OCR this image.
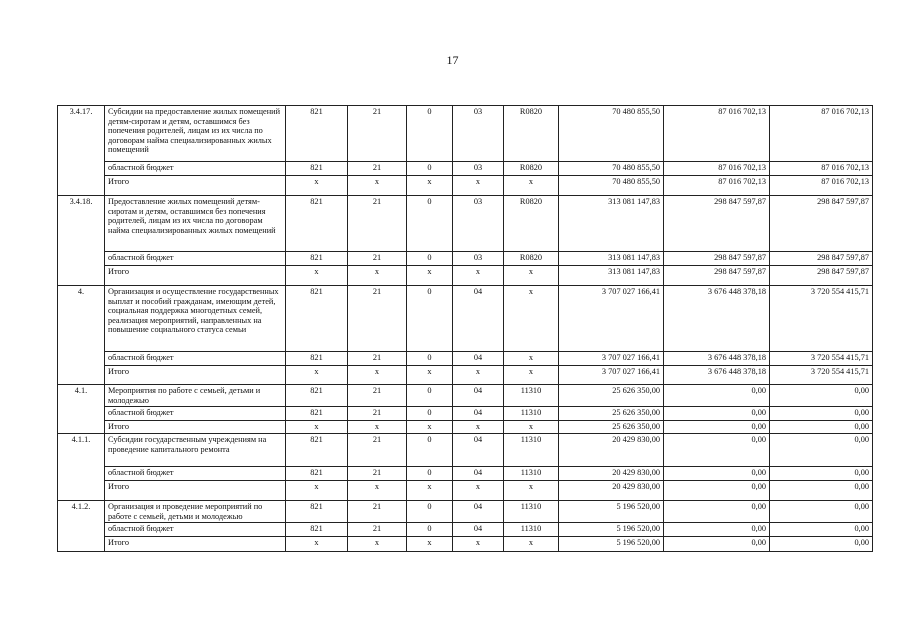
17
3.4.17.	Субсидии на предоставление жилых помещений детям-сиротам и детям, оставшимся без попечения родителей, лицам из их числа по договорам найма специализированных жилых помещений	821	21	0	03	R0820	70 480 855,50	87 016 702,13	87 016 702,13
	областной бюджет	821	21	0	03	R0820	70 480 855,50	87 016 702,13	87 016 702,13
	Итого	x	x	x	x	x	70 480 855,50	87 016 702,13	87 016 702,13
3.4.18.	Предоставление жилых помещений детям-сиротам и детям, оставшимся без попечения родителей, лицам из их числа по договорам найма специализированных жилых помещений	821	21	0	03	R0820	313 081 147,83	298 847 597,87	298 847 597,87
	областной бюджет	821	21	0	03	R0820	313 081 147,83	298 847 597,87	298 847 597,87
	Итого	x	x	x	x	x	313 081 147,83	298 847 597,87	298 847 597,87
4.	Организация и осуществление государственных выплат и пособий гражданам, имеющим детей, социальная поддержка многодетных семей, реализация мероприятий, направленных на повышение социального статуса семьи	821	21	0	04	x	3 707 027 166,41	3 676 448 378,18	3 720 554 415,71
	областной бюджет	821	21	0	04	x	3 707 027 166,41	3 676 448 378,18	3 720 554 415,71
	Итого	x	x	x	x	x	3 707 027 166,41	3 676 448 378,18	3 720 554 415,71
4.1.	Мероприятия по работе с семьей, детьми и молодежью	821	21	0	04	11310	25 626 350,00	0,00	0,00
	областной бюджет	821	21	0	04	11310	25 626 350,00	0,00	0,00
	Итого	x	x	x	x	x	25 626 350,00	0,00	0,00
4.1.1.	Субсидии государственным учреждениям на проведение капитального ремонта	821	21	0	04	11310	20 429 830,00	0,00	0,00
	областной бюджет	821	21	0	04	11310	20 429 830,00	0,00	0,00
	Итого	x	x	x	x	x	20 429 830,00	0,00	0,00
4.1.2.	Организация и проведение мероприятий по работе с семьей, детьми и молодежью	821	21	0	04	11310	5 196 520,00	0,00	0,00
	областной бюджет	821	21	0	04	11310	5 196 520,00	0,00	0,00
	Итого	x	x	x	x	x	5 196 520,00	0,00	0,00
